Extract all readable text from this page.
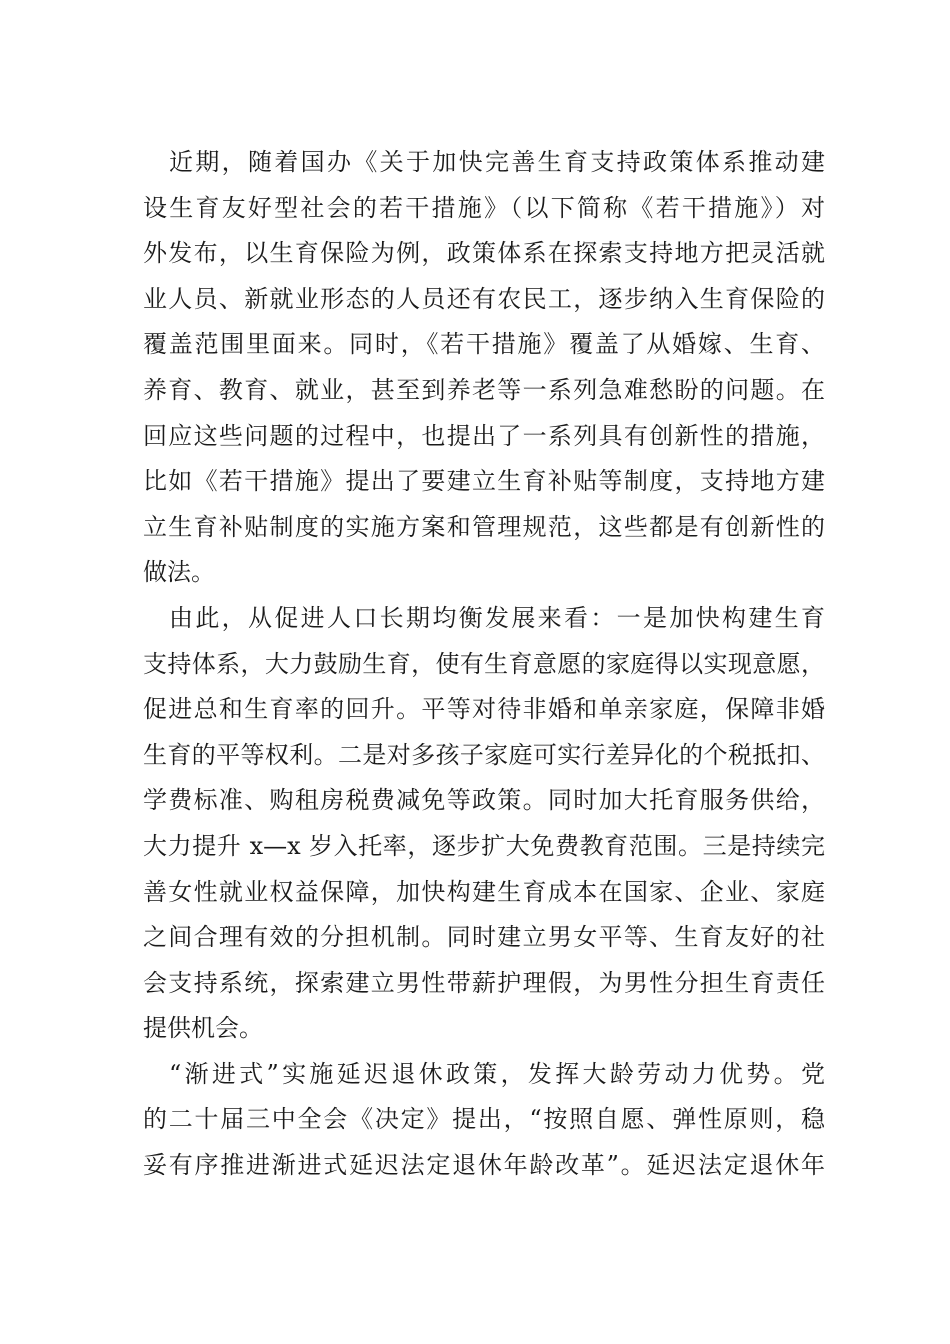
近期，随着国办《关于加快完善生育支持政策体系推动建
设生育友好型社会的若干措施》（以下简称《若干措施》）对
外发布，以生育保险为例，政策体系在探索支持地方把灵活就
业人员、新就业形态的人员还有农民工，逐步纳入生育保险的
覆盖范围里面来。同时，《若干措施》覆盖了从婚嫁、生育、
养育、教育、就业，甚至到养老等一系列急难愁盼的问题。在
回应这些问题的过程中，也提出了一系列具有创新性的措施，
比如《若干措施》提出了要建立生育补贴等制度，支持地方建
立生育补贴制度的实施方案和管理规范，这些都是有创新性的
做法。
由此，从促进人口长期均衡发展来看：一是加快构建生育
支持体系，大力鼓励生育，使有生育意愿的家庭得以实现意愿，
促进总和生育率的回升。平等对待非婚和单亲家庭，保障非婚
生育的平等权利。二是对多孩子家庭可实行差异化的个税抵扣、
学费标准、购租房税费减免等政策。同时加大托育服务供给，
大力提升 x—x 岁入托率，逐步扩大免费教育范围。三是持续完
善女性就业权益保障，加快构建生育成本在国家、企业、家庭
之间合理有效的分担机制。同时建立男女平等、生育友好的社
会支持系统，探索建立男性带薪护理假，为男性分担生育责任
提供机会。
“渐进式”实施延迟退休政策，发挥大龄劳动力优势。党
的二十届三中全会《决定》提出，“按照自愿、弹性原则，稳
妥有序推进渐进式延迟法定退休年龄改革”。延迟法定退休年
